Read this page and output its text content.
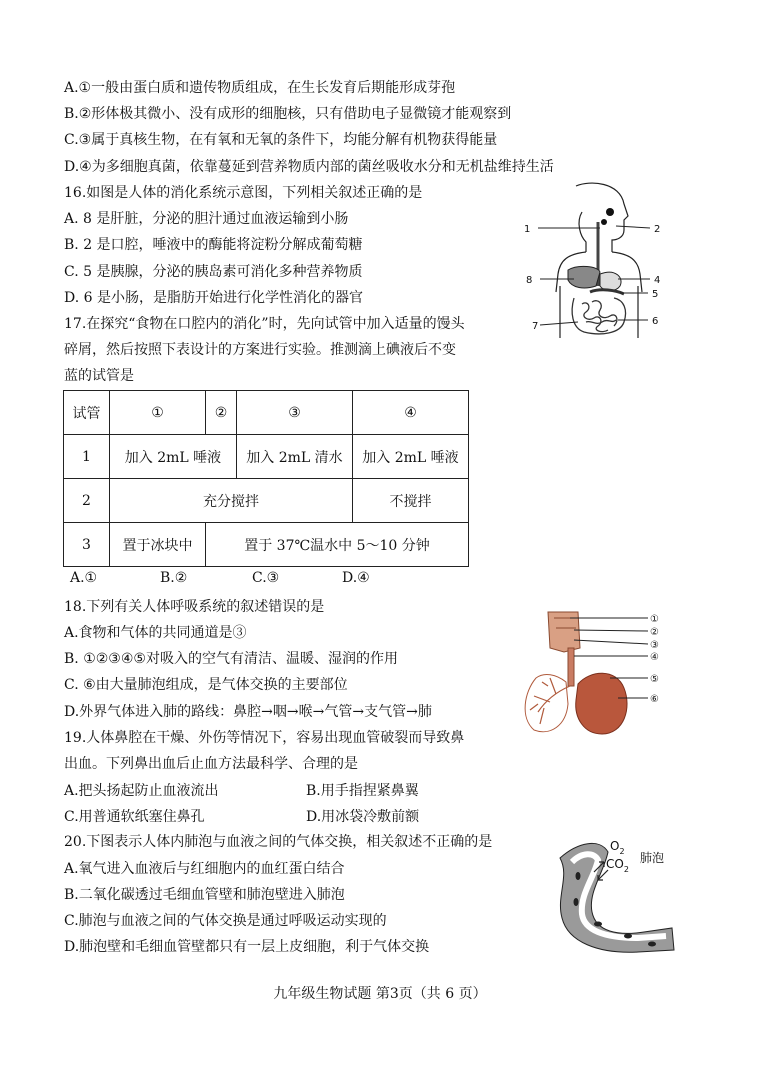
A.①一般由蛋白质和遗传物质组成，在生长发育后期能形成芽孢
B.②形体极其微小、没有成形的细胞核，只有借助电子显微镜才能观察到
C.③属于真核生物，在有氧和无氧的条件下，均能分解有机物获得能量
D.④为多细胞真菌，依靠蔓延到营养物质内部的菌丝吸收水分和无机盐维持生活
16.如图是人体的消化系统示意图，下列相关叙述正确的是
A. 8 是肝脏，分泌的胆汁通过血液运输到小肠
B. 2 是口腔，唾液中的酶能将淀粉分解成葡萄糖
C. 5 是胰腺，分泌的胰岛素可消化多种营养物质
D. 6 是小肠，是脂肪开始进行化学性消化的器官
1	2
8	4
5
7	6
17.在探究“食物在口腔内的消化”时，先向试管中加入适量的馒头
碎屑，然后按照下表设计的方案进行实验。推测滴上碘液后不变
蓝的试管是
试管	①	②	③	④
1	加入 2mL 唾液		加入 2mL 清水	加入 2mL 唾液
2	充分搅拌			不搅拌
3	置于冰块中	置于 37℃温水中 5～10 分钟		
A.①	B.②	C.③	D.④
18.下列有关人体呼吸系统的叙述错误的是
A.食物和气体的共同通道是③
B. ①②③④⑤对吸入的空气有清洁、温暖、湿润的作用
C. ⑥由大量肺泡组成，是气体交换的主要部位
D.外界气体进入肺的路线：鼻腔→咽→喉→气管→支气管→肺
①
②
③
④
⑤
⑥
19.人体鼻腔在干燥、外伤等情况下，容易出现血管破裂而导致鼻
出血。下列鼻出血后止血方法最科学、合理的是
A.把头扬起防止血液流出	B.用手指捏紧鼻翼
C.用普通软纸塞住鼻孔	D.用冰袋冷敷前额
20.下图表示人体内肺泡与血液之间的气体交换，相关叙述不正确的是
A.氧气进入血液后与红细胞内的血红蛋白结合
B.二氧化碳透过毛细血管壁和肺泡壁进入肺泡
C.肺泡与血液之间的气体交换是通过呼吸运动实现的
D.肺泡壁和毛细血管壁都只有一层上皮细胞，利于气体交换
$O_2$
$CO_2$
肺泡
九年级生物试题 第3页（共 6 页）
